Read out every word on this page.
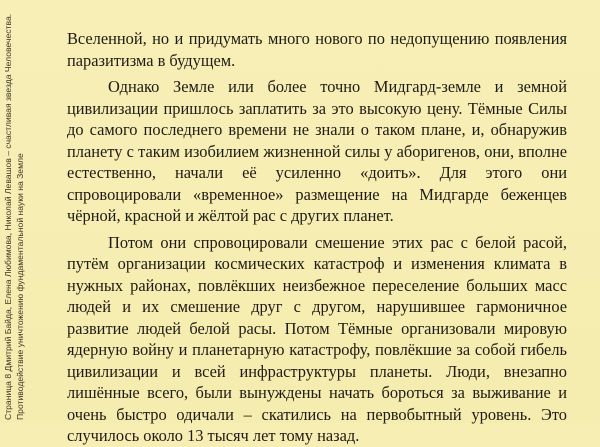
Страница 8 Дмитрий Байда, Елена Любимова, Николай Левашов – счастливая звезда Человечества. Противодействие уничтожению фундаментальной науки на Земле

Вселенной, но и придумать много нового по недопущению появления паразитизма в будущем.

Однако Земле или более точно Мидгард-земле и земной цивилизации пришлось заплатить за это высокую цену. Тёмные Силы до самого последнего времени не знали о таком плане, и, обнаружив планету с таким изобилием жизненной силы у аборигенов, они, вполне естественно, начали её усиленно «доить». Для этого они спровоцировали «временное» размещение на Мидгарде беженцев чёрной, красной и жёлтой рас с других планет.

Потом они спровоцировали смешение этих рас с белой расой, путём организации космических катастроф и изменения климата в нужных районах, повлёкших неизбежное переселение больших масс людей и их смешение друг с другом, нарушившее гармоничное развитие людей белой расы. Потом Тёмные организовали мировую ядерную войну и планетарную катастрофу, повлёкшие за собой гибель цивилизации и всей инфраструктуры планеты. Люди, внезапно лишённые всего, были вынуждены начать бороться за выживание и очень быстро одичали – скатились на первобытный уровень. Это случилось около 13 тысяч лет тому назад.
